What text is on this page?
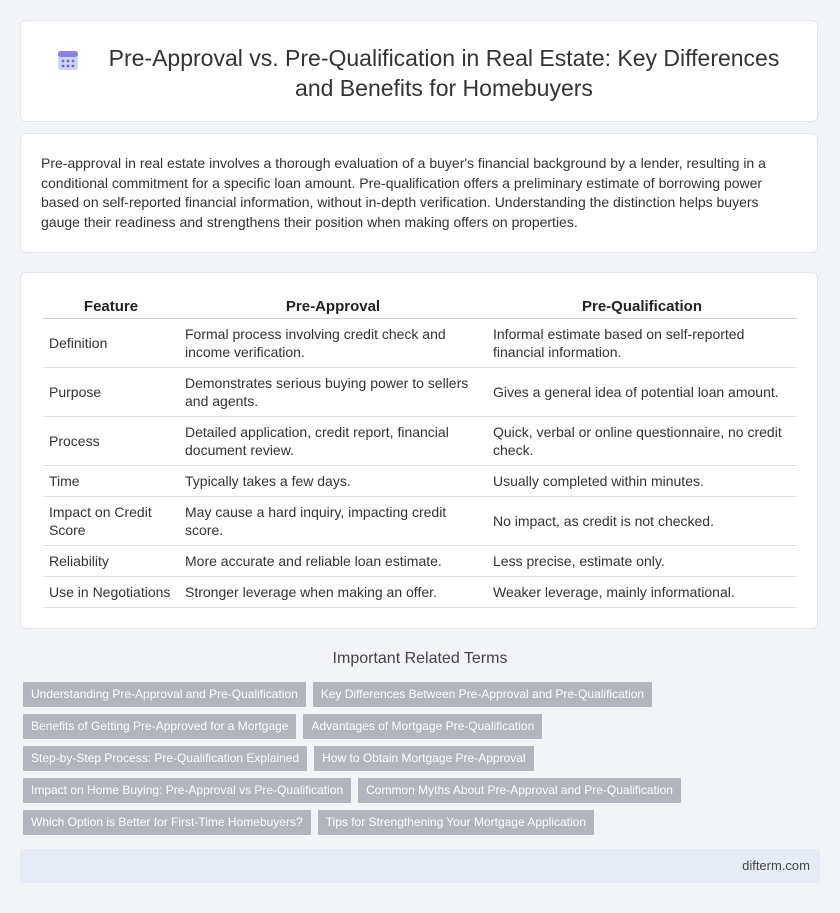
Pre-Approval vs. Pre-Qualification in Real Estate: Key Differences and Benefits for Homebuyers

Pre-approval in real estate involves a thorough evaluation of a buyer's financial background by a lender, resulting in a conditional commitment for a specific loan amount. Pre-qualification offers a preliminary estimate of borrowing power based on self-reported financial information, without in-depth verification. Understanding the distinction helps buyers gauge their readiness and strengthens their position when making offers on properties.

Feature	Pre-Approval	Pre-Qualification
Definition	Formal process involving credit check and income verification.	Informal estimate based on self-reported financial information.
Purpose	Demonstrates serious buying power to sellers and agents.	Gives a general idea of potential loan amount.
Process	Detailed application, credit report, financial document review.	Quick, verbal or online questionnaire, no credit check.
Time	Typically takes a few days.	Usually completed within minutes.
Impact on Credit Score	May cause a hard inquiry, impacting credit score.	No impact, as credit is not checked.
Reliability	More accurate and reliable loan estimate.	Less precise, estimate only.
Use in Negotiations	Stronger leverage when making an offer.	Weaker leverage, mainly informational.
Important Related Terms
Understanding Pre-Approval and Pre-Qualification Key Differences Between Pre-Approval and Pre-Qualification
Benefits of Getting Pre-Approved for a Mortgage Advantages of Mortgage Pre-Qualification
Step-by-Step Process: Pre-Qualification Explained How to Obtain Mortgage Pre-Approval
Impact on Home Buying: Pre-Approval vs Pre-Qualification Common Myths About Pre-Approval and Pre-Qualification
Which Option is Better for First-Time Homebuyers? Tips for Strengthening Your Mortgage Application
difterm.com
